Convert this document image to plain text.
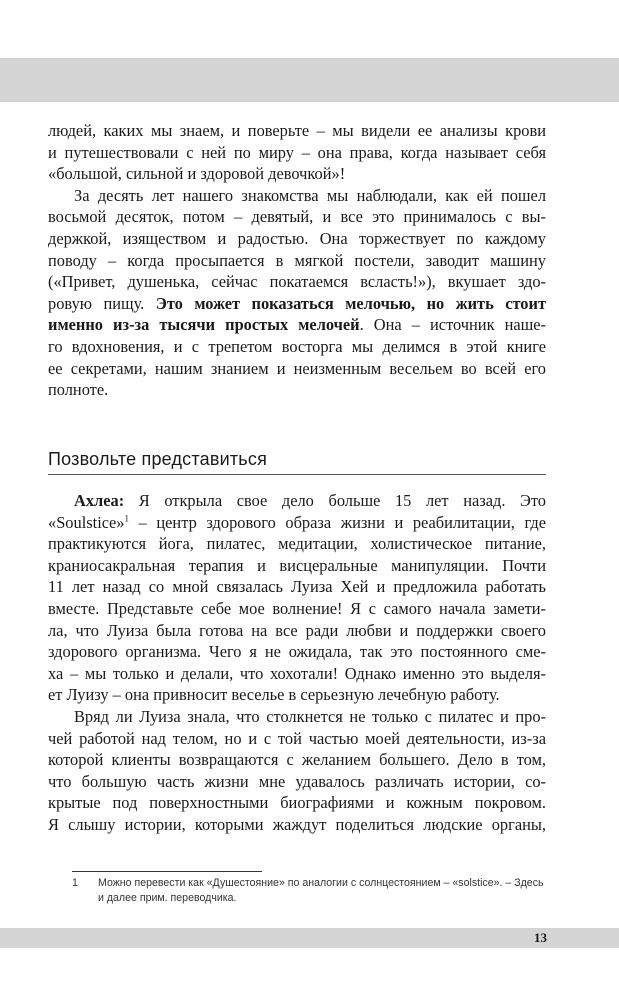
людей, каких мы знаем, и поверьте – мы видели ее анализы крови
и путешествовали с ней по миру – она права, когда называет себя
«большой, сильной и здоровой девочкой»!
За десять лет нашего знакомства мы наблюдали, как ей пошел
восьмой десяток, потом – девятый, и все это принималось с вы-
держкой, изяществом и радостью. Она торжествует по каждому
поводу – когда просыпается в мягкой постели, заводит машину
(«Привет, душенька, сейчас покатаемся всласть!»), вкушает здо-
ровую пищу. Это может показаться мелочью, но жить стоит
именно из-за тысячи простых мелочей. Она – источник наше-
го вдохновения, и с трепетом восторга мы делимся в этой книге
ее секретами, нашим знанием и неизменным весельем во всей его
полноте.
Позвольте представиться
Ахлеа: Я открыла свое дело больше 15 лет назад. Это
«Soulstice»$^1$ – центр здорового образа жизни и реабилитации, где
практикуются йога, пилатес, медитации, холистическое питание,
краниосакральная терапия и висцеральные манипуляции. Почти
11 лет назад со мной связалась Луиза Хей и предложила работать
вместе. Представьте себе мое волнение! Я с самого начала замети-
ла, что Луиза была готова на все ради любви и поддержки своего
здорового организма. Чего я не ожидала, так это постоянного сме-
ха – мы только и делали, что хохотали! Однако именно это выделя-
ет Луизу – она привносит веселье в серьезную лечебную работу.
Вряд ли Луиза знала, что столкнется не только с пилатес и про-
чей работой над телом, но и с той частью моей деятельности, из-за
которой клиенты возвращаются с желанием большего. Дело в том,
что большую часть жизни мне удавалось различать истории, со-
крытые под поверхностными биографиями и кожным покровом.
Я слышу истории, которыми жаждут поделиться людские органы,
1 Можно перевести как «Душестояние» по аналогии с солнцестоянием – «solstice». – Здесь и далее прим. переводчика.
13
